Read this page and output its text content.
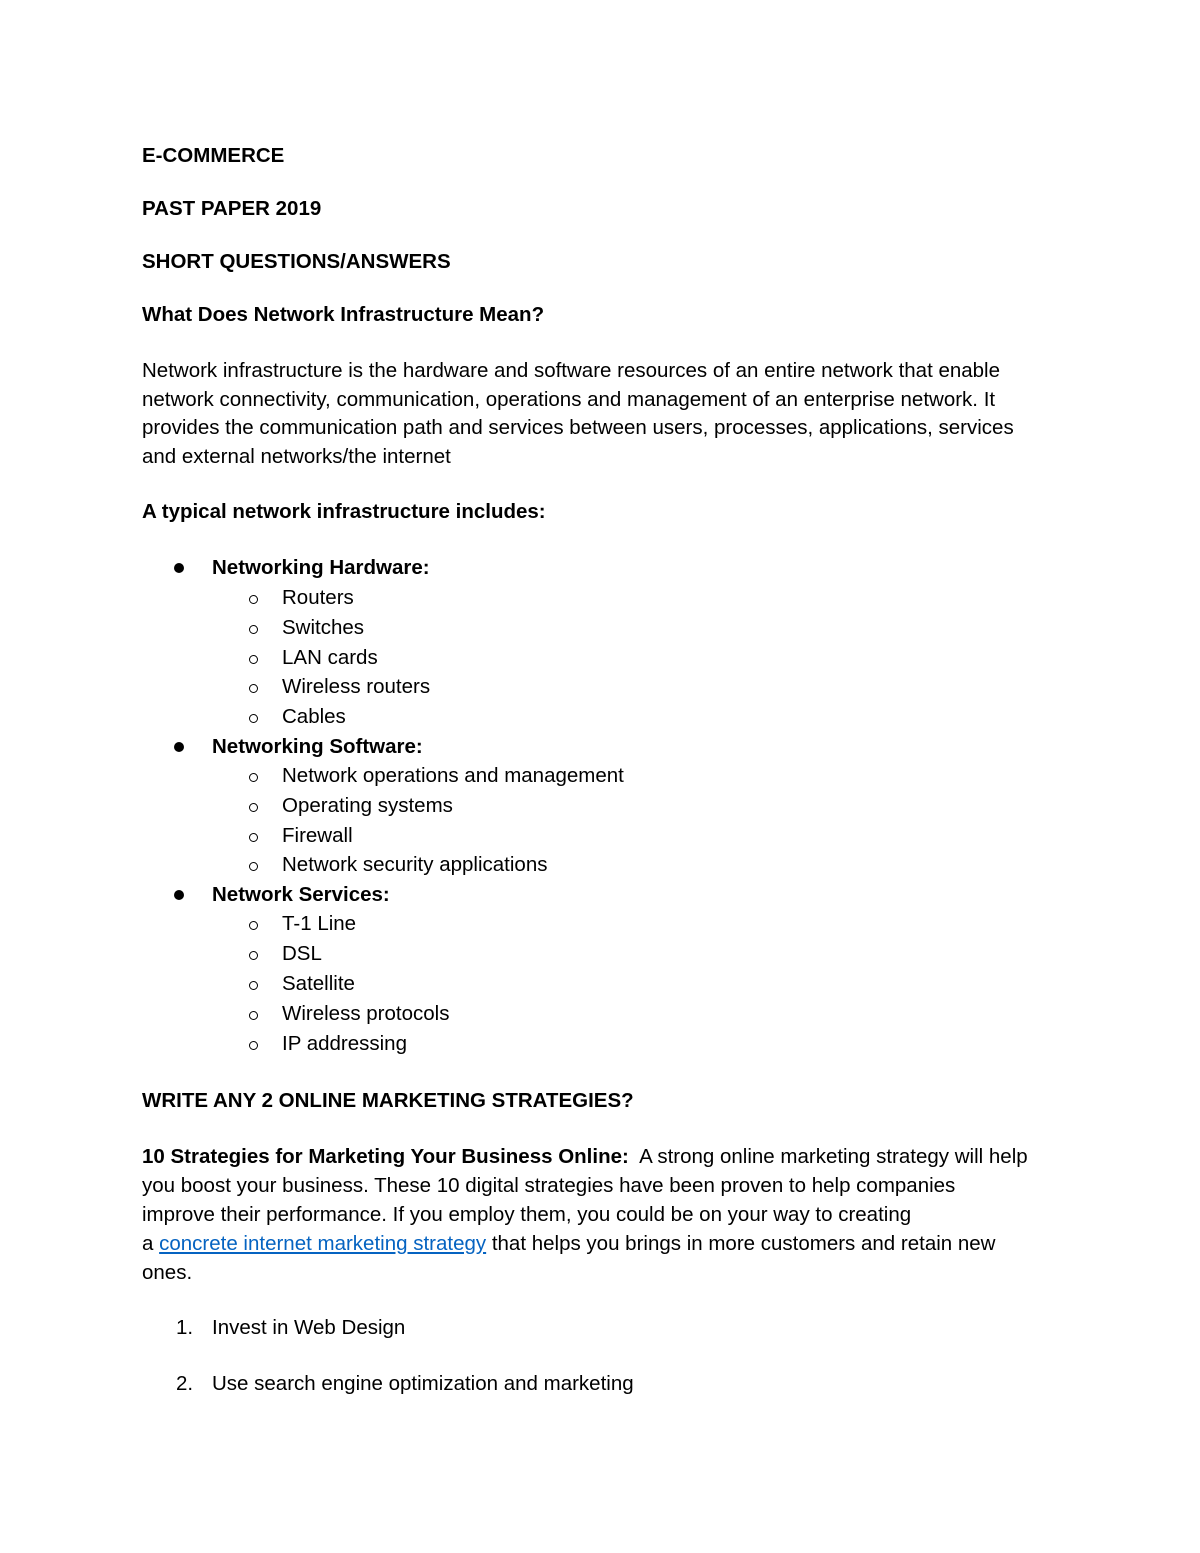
E-COMMERCE

PAST PAPER 2019

SHORT QUESTIONS/ANSWERS

What Does Network Infrastructure Mean?

Network infrastructure is the hardware and software resources of an entire network that enable

network connectivity, communication, operations and management of an enterprise network. It

provides the communication path and services between users, processes, applications, services

and external networks/the internet

A typical network infrastructure includes:

Networking Hardware:

Routers

Switches

LAN cards

Wireless routers

Cables

Networking Software:

Network operations and management

Operating systems

Firewall

Network security applications

Network Services:

T-1 Line

DSL

Satellite

Wireless protocols

IP addressing

WRITE ANY 2 ONLINE MARKETING STRATEGIES?

10 Strategies for Marketing Your Business Online:  A strong online marketing strategy will help

you boost your business. These 10 digital strategies have been proven to help companies

improve their performance. If you employ them, you could be on your way to creating

a concrete internet marketing strategy that helps you brings in more customers and retain new

ones.

1. Invest in Web Design

2. Use search engine optimization and marketing
